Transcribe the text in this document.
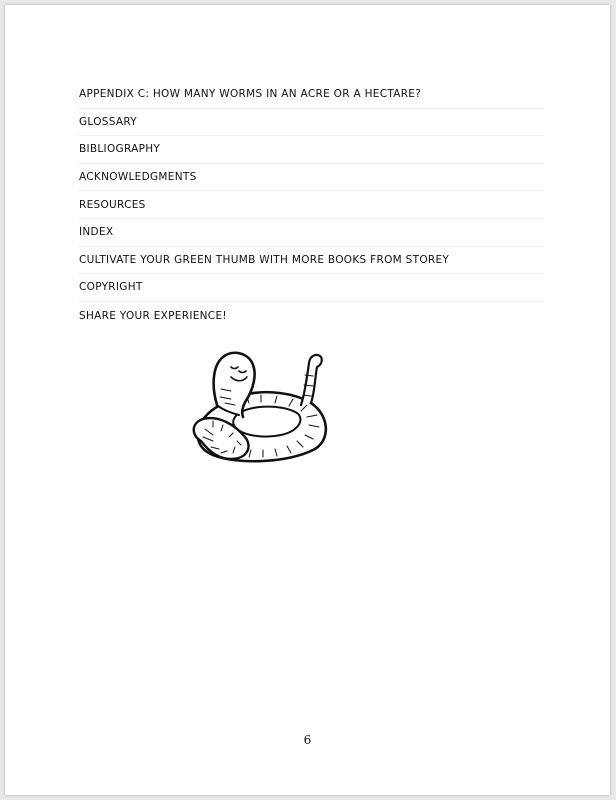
APPENDIX C: HOW MANY WORMS IN AN ACRE OR A HECTARE?
GLOSSARY
BIBLIOGRAPHY
ACKNOWLEDGMENTS
RESOURCES
INDEX
CULTIVATE YOUR GREEN THUMB WITH MORE BOOKS FROM STOREY
COPYRIGHT
SHARE YOUR EXPERIENCE!
6
